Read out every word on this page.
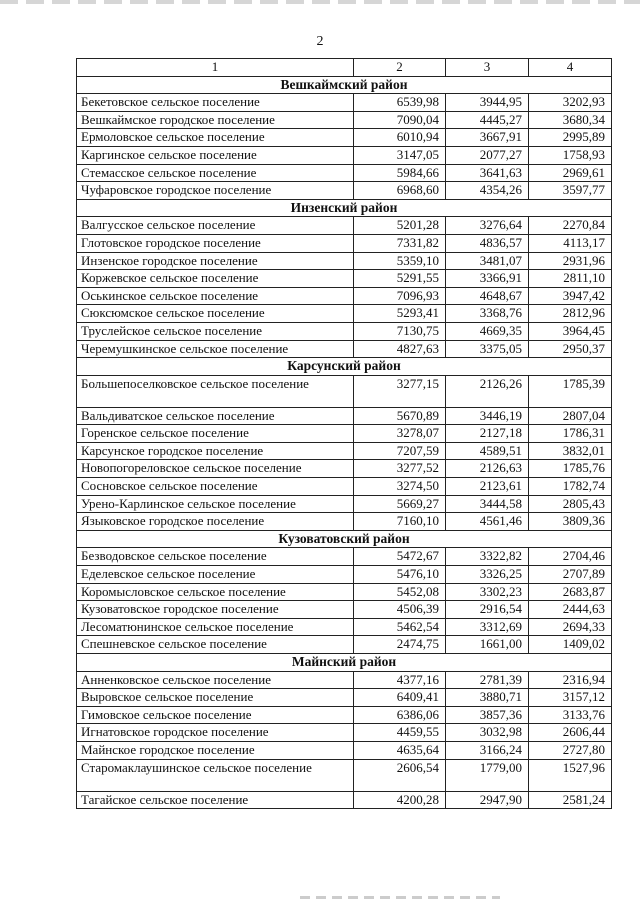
2
1	2	3	4
Вешкаймский район			
Бекетовское сельское поселение	6539,98	3944,95	3202,93
Вешкаймское городское поселение	7090,04	4445,27	3680,34
Ермоловское сельское поселение	6010,94	3667,91	2995,89
Каргинское сельское поселение	3147,05	2077,27	1758,93
Стемасское сельское поселение	5984,66	3641,63	2969,61
Чуфаровское городское поселение	6968,60	4354,26	3597,77
Инзенский район			
Валгусское сельское поселение	5201,28	3276,64	2270,84
Глотовское городское поселение	7331,82	4836,57	4113,17
Инзенское городское поселение	5359,10	3481,07	2931,96
Коржевское сельское поселение	5291,55	3366,91	2811,10
Оськинское сельское поселение	7096,93	4648,67	3947,42
Сюксюмское сельское поселение	5293,41	3368,76	2812,96
Труслейское сельское поселение	7130,75	4669,35	3964,45
Черемушкинское сельское поселение	4827,63	3375,05	2950,37
Карсунский район			
Большепоселковское сельское поселение	3277,15	2126,26	1785,39
Вальдиватское сельское поселение	5670,89	3446,19	2807,04
Горенское сельское поселение	3278,07	2127,18	1786,31
Карсунское городское поселение	7207,59	4589,51	3832,01
Новопогореловское сельское поселение	3277,52	2126,63	1785,76
Сосновское сельское поселение	3274,50	2123,61	1782,74
Урено-Карлинское сельское поселение	5669,27	3444,58	2805,43
Языковское городское поселение	7160,10	4561,46	3809,36
Кузоватовский район			
Безводовское сельское поселение	5472,67	3322,82	2704,46
Еделевское сельское поселение	5476,10	3326,25	2707,89
Коромысловское сельское поселение	5452,08	3302,23	2683,87
Кузоватовское городское поселение	4506,39	2916,54	2444,63
Лесоматюнинское сельское поселение	5462,54	3312,69	2694,33
Спешневское сельское поселение	2474,75	1661,00	1409,02
Майнский район			
Анненковское сельское поселение	4377,16	2781,39	2316,94
Выровское сельское поселение	6409,41	3880,71	3157,12
Гимовское сельское поселение	6386,06	3857,36	3133,76
Игнатовское городское поселение	4459,55	3032,98	2606,44
Майнское городское поселение	4635,64	3166,24	2727,80
Старомаклаушинское сельское поселение	2606,54	1779,00	1527,96
Тагайское сельское поселение	4200,28	2947,90	2581,24
